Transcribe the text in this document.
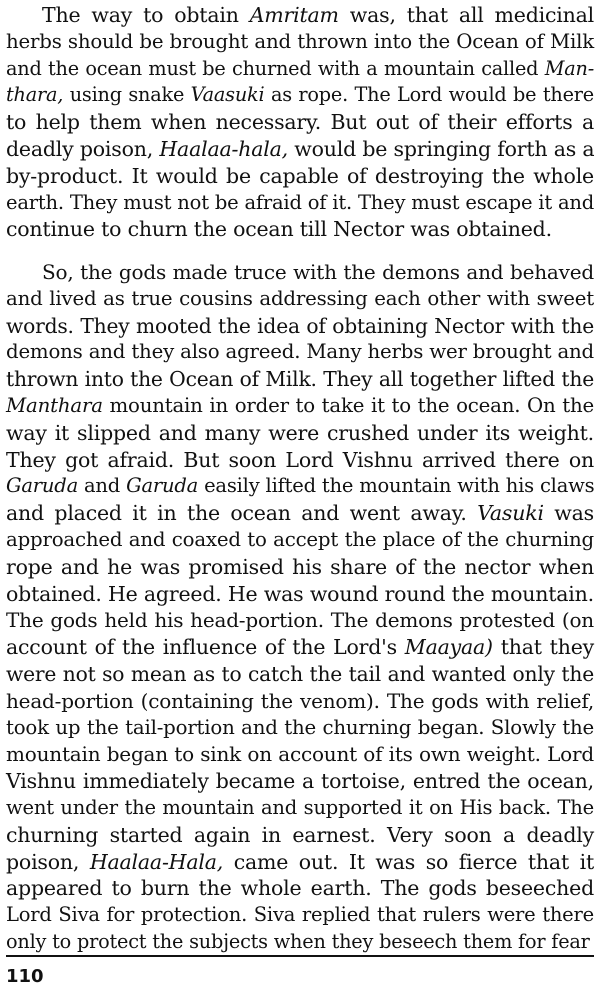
The way to obtain Amritam was, that all medicinal
herbs should be brought and thrown into the Ocean of Milk
and the ocean must be churned with a mountain called Man-
thara, using snake Vaasuki as rope. The Lord would be there
to help them when necessary. But out of their efforts a
deadly poison, Haalaa-hala, would be springing forth as a
by-product. It would be capable of destroying the whole
earth. They must not be afraid of it. They must escape it and
continue to churn the ocean till Nector was obtained.
So, the gods made truce with the demons and behaved
and lived as true cousins addressing each other with sweet
words. They mooted the idea of obtaining Nector with the
demons and they also agreed. Many herbs wer brought and
thrown into the Ocean of Milk. They all together lifted the
Manthara mountain in order to take it to the ocean. On the
way it slipped and many were crushed under its weight.
They got afraid. But soon Lord Vishnu arrived there on
Garuda and Garuda easily lifted the mountain with his claws
and placed it in the ocean and went away. Vasuki was
approached and coaxed to accept the place of the churning
rope and he was promised his share of the nector when
obtained. He agreed. He was wound round the mountain.
The gods held his head-portion. The demons protested (on
account of the influence of the Lord's Maayaa) that they
were not so mean as to catch the tail and wanted only the
head-portion (containing the venom). The gods with relief,
took up the tail-portion and the churning began. Slowly the
mountain began to sink on account of its own weight. Lord
Vishnu immediately became a tortoise, entred the ocean,
went under the mountain and supported it on His back. The
churning started again in earnest. Very soon a deadly
poison, Haalaa-Hala, came out. It was so fierce that it
appeared to burn the whole earth. The gods beseeched
Lord Siva for protection. Siva replied that rulers were there
only to protect the subjects when they beseech them for fear
110
